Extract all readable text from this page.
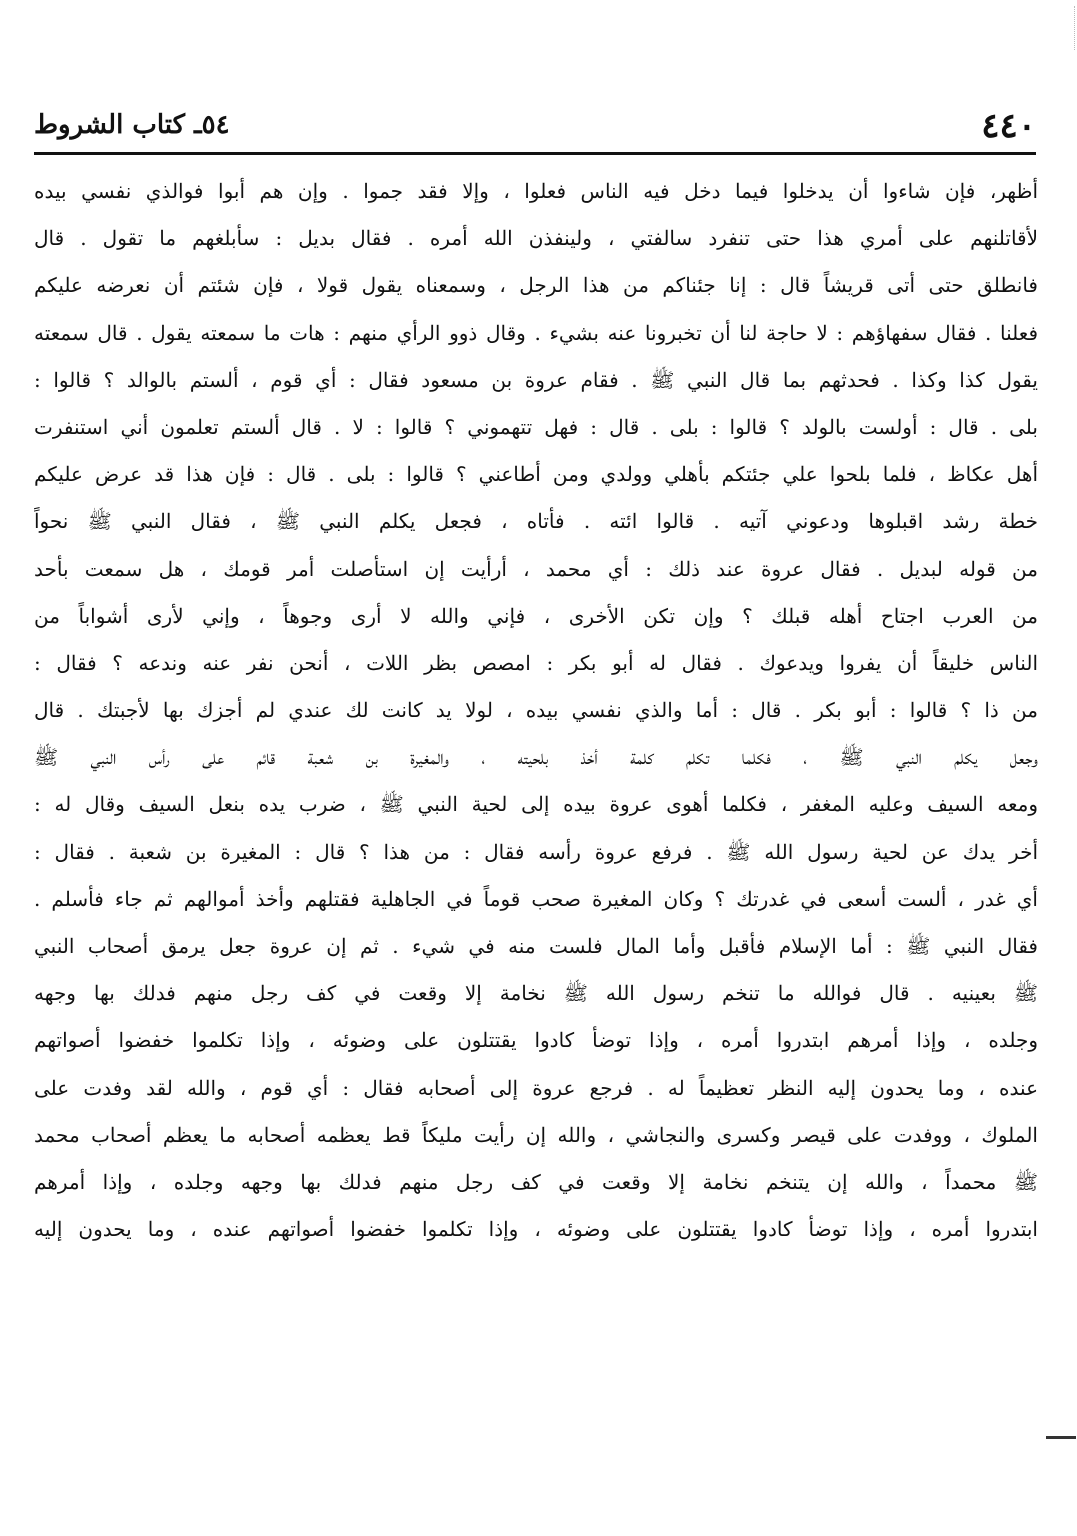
٤٤٠
٥٤ـ كتاب الشروط
أظهر، فإن شاءوا أن يدخلوا فيما دخل فيه الناس فعلوا ، وإلا فقد جموا . وإن هم أبوا فوالذي نفسي بيده
لأقاتلنهم على أمري هذا حتى تنفرد سالفتي ، ولينفذن الله أمره . فقال بديل : سأبلغهم ما تقول . قال
فانطلق حتى أتى قريشاً قال : إنا جئناكم من هذا الرجل ، وسمعناه يقول قولا ، فإن شئتم أن نعرضه عليكم
فعلنا . فقال سفهاؤهم : لا حاجة لنا أن تخبرونا عنه بشيء . وقال ذوو الرأي منهم : هات ما سمعته يقول . قال سمعته
يقول كذا وكذا . فحدثهم بما قال النبي ﷺ . فقام عروة بن مسعود فقال : أي قوم ، ألستم بالوالد ؟ قالوا :
بلى . قال : أولست بالولد ؟ قالوا : بلى . قال : فهل تتهموني ؟ قالوا : لا . قال ألستم تعلمون أني استنفرت
أهل عكاظ ، فلما بلحوا علي جئتكم بأهلي وولدي ومن أطاعني ؟ قالوا : بلى . قال : فإن هذا قد عرض عليكم
خطة رشد اقبلوها ودعوني آتيه . قالوا ائته . فأتاه ، فجعل يكلم النبي ﷺ ، فقال النبي ﷺ نحواً
من قوله لبديل . فقال عروة عند ذلك : أي محمد ، أرأيت إن استأصلت أمر قومك ، هل سمعت بأحد
من العرب اجتاح أهله قبلك ؟ وإن تكن الأخرى ، فإني والله لا أرى وجوهاً ، وإني لأرى أشواباً من
الناس خليقاً أن يفروا ويدعوك . فقال له أبو بكر : امصص بظر اللات ، أنحن نفر عنه وندعه ؟ فقال :
من ذا ؟ قالوا : أبو بكر . قال : أما والذي نفسي بيده ، لولا يد كانت لك عندي لم أجزك بها لأجبتك . قال
وجعل يكلم النبي ﷺ ، فكلما تكلم كلمة أخذ بلحيته ، والمغيرة بن شعبة قائم على رأس النبي ﷺ
ومعه السيف وعليه المغفر ، فكلما أهوى عروة بيده إلى لحية النبي ﷺ ، ضرب يده بنعل السيف وقال له :
أخر يدك عن لحية رسول الله ﷺ . فرفع عروة رأسه فقال : من هذا ؟ قال : المغيرة بن شعبة . فقال :
أي غدر ، ألست أسعى في غدرتك ؟ وكان المغيرة صحب قوماً في الجاهلية فقتلهم وأخذ أموالهم ثم جاء فأسلم .
فقال النبي ﷺ : أما الإسلام فأقبل وأما المال فلست منه في شيء . ثم إن عروة جعل يرمق أصحاب النبي
ﷺ بعينيه . قال فوالله ما تنخم رسول الله ﷺ نخامة إلا وقعت في كف رجل منهم فدلك بها وجهه
وجلده ، وإذا أمرهم ابتدروا أمره ، وإذا توضأ كادوا يقتتلون على وضوئه ، وإذا تكلموا خفضوا أصواتهم
عنده ، وما يحدون إليه النظر تعظيماً له . فرجع عروة إلى أصحابه فقال : أي قوم ، والله لقد وفدت على
الملوك ، ووفدت على قيصر وكسرى والنجاشي ، والله إن رأيت مليكاً قط يعظمه أصحابه ما يعظم أصحاب محمد
ﷺ محمداً ، والله إن يتنخم نخامة إلا وقعت في كف رجل منهم فدلك بها وجهه وجلده ، وإذا أمرهم
ابتدروا أمره ، وإذا توضأ كادوا يقتتلون على وضوئه ، وإذا تكلموا خفضوا أصواتهم عنده ، وما يحدون إليه
